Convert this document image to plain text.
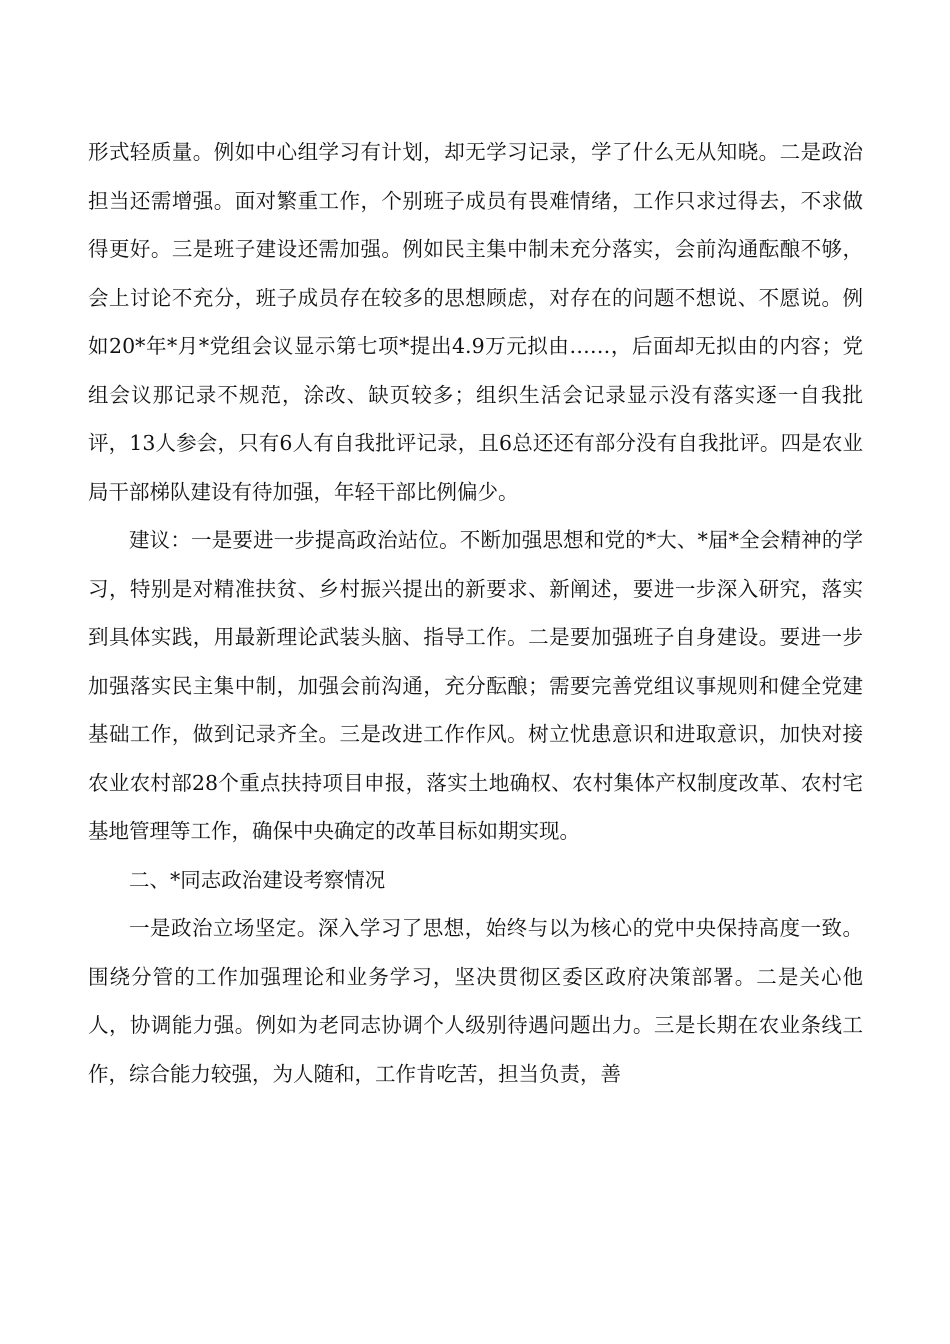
形式轻质量。例如中心组学习有计划，却无学习记录，学了什么无从知晓。二是政治担当还需增强。面对繁重工作，个别班子成员有畏难情绪，工作只求过得去，不求做得更好。三是班子建设还需加强。例如民主集中制未充分落实，会前沟通酝酿不够，会上讨论不充分，班子成员存在较多的思想顾虑，对存在的问题不想说、不愿说。例如20*年*月*党组会议显示第七项*提出4.9万元拟由……，后面却无拟由的内容；党组会议那记录不规范，涂改、缺页较多；组织生活会记录显示没有落实逐一自我批评，13人参会，只有6人有自我批评记录，且6总还还有部分没有自我批评。四是农业局干部梯队建设有待加强，年轻干部比例偏少。

建议：一是要进一步提高政治站位。不断加强思想和党的*大、*届*全会精神的学习，特别是对精准扶贫、乡村振兴提出的新要求、新阐述，要进一步深入研究，落实到具体实践，用最新理论武装头脑、指导工作。二是要加强班子自身建设。要进一步加强落实民主集中制，加强会前沟通，充分酝酿；需要完善党组议事规则和健全党建基础工作，做到记录齐全。三是改进工作作风。树立忧患意识和进取意识，加快对接农业农村部28个重点扶持项目申报，落实土地确权、农村集体产权制度改革、农村宅基地管理等工作，确保中央确定的改革目标如期实现。

二、*同志政治建设考察情况

一是政治立场坚定。深入学习了思想，始终与以为核心的党中央保持高度一致。围绕分管的工作加强理论和业务学习，坚决贯彻区委区政府决策部署。二是关心他人，协调能力强。例如为老同志协调个人级别待遇问题出力。三是长期在农业条线工作，综合能力较强，为人随和，工作肯吃苦，担当负责，善
